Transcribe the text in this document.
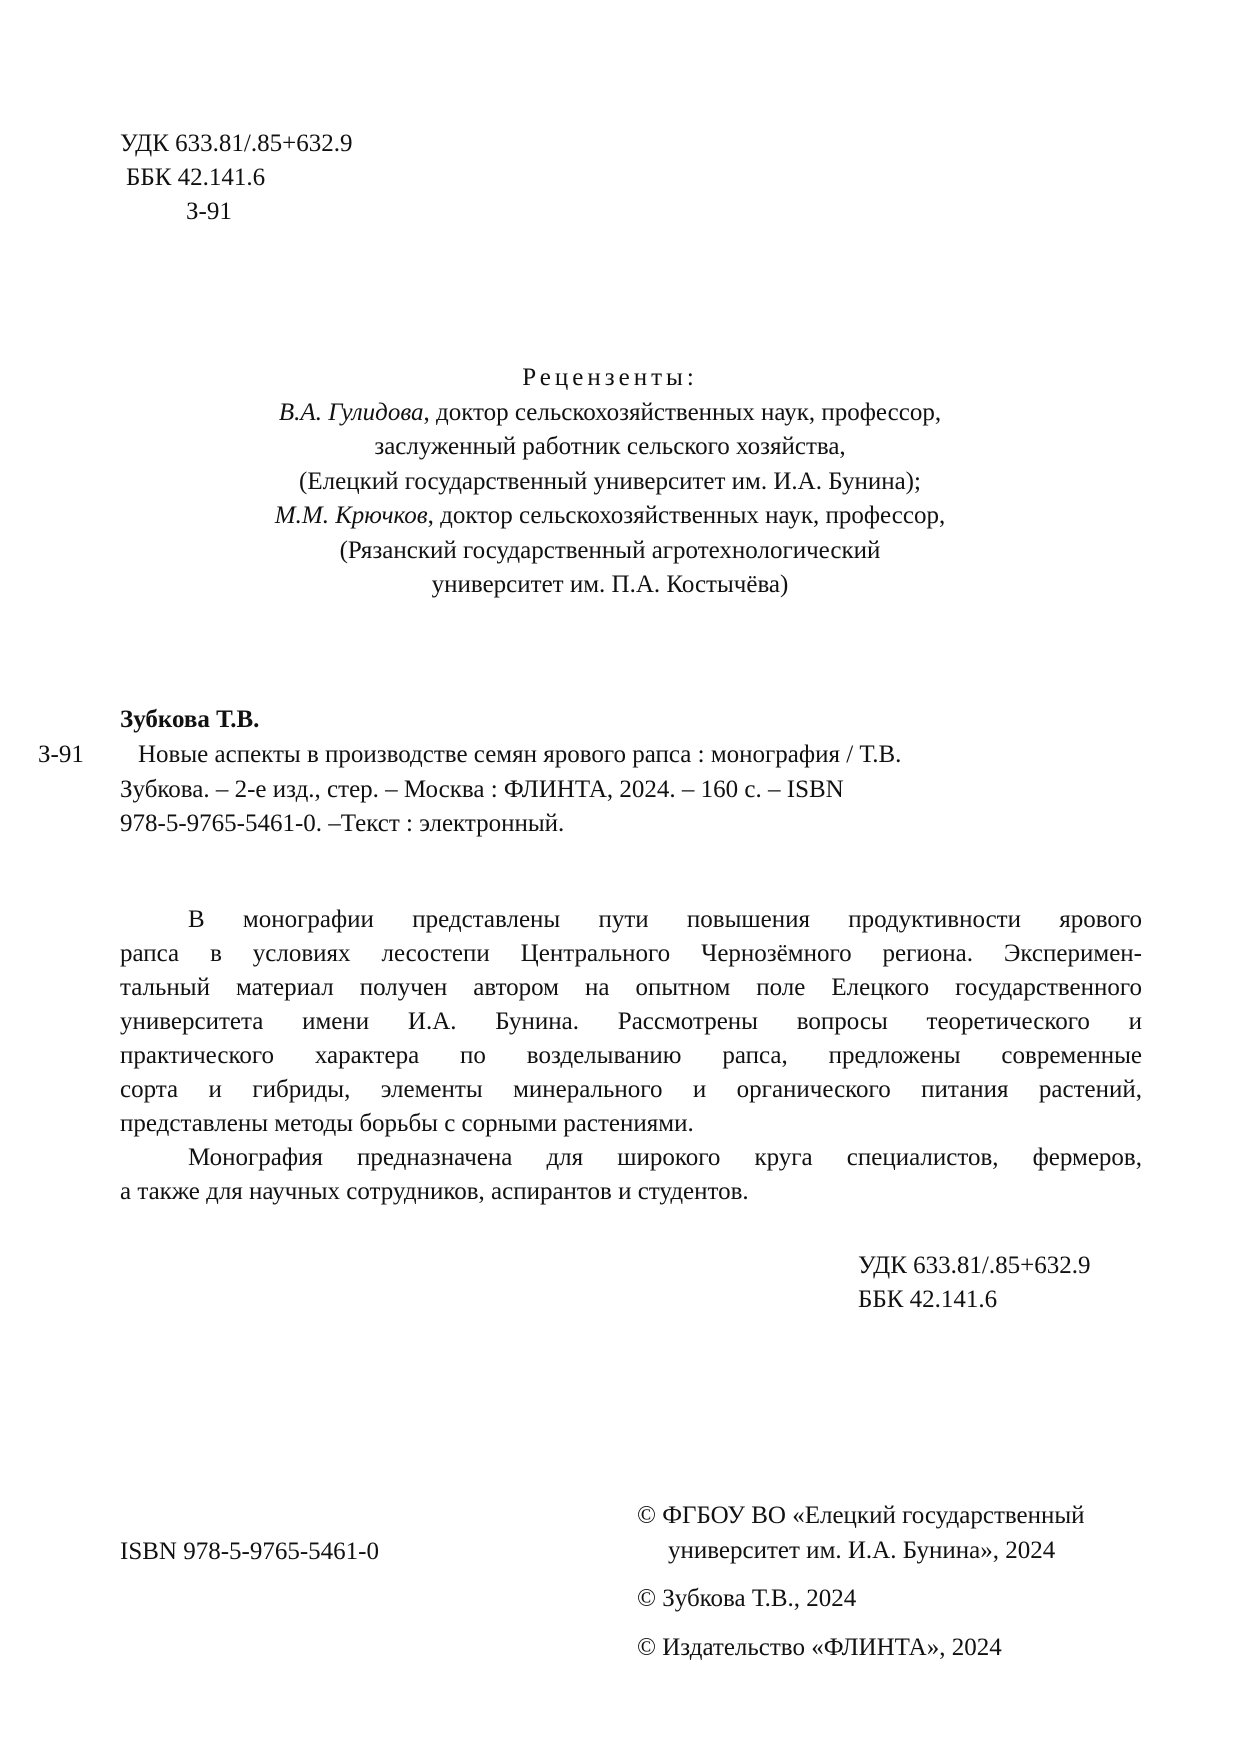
УДК 633.81/.85+632.9
ББК 42.141.6
З-91
Рецензенты:
В.А. Гулидова, доктор сельскохозяйственных наук, профессор,
заслуженный работник сельского хозяйства,
(Елецкий государственный университет им. И.А. Бунина);
М.М. Крючков, доктор сельскохозяйственных наук, профессор,
(Рязанский государственный агротехнологический
университет им. П.А. Костычёва)
Зубкова Т.В.
З-91	Новые аспекты в производстве семян ярового рапса : монография / Т.В.
Зубкова. – 2-е изд., стер. – Москва : ФЛИНТА, 2024. – 160 с. – ISBN
978-5-9765-5461-0. –Текст : электронный.
В монографии представлены пути повышения продуктивности ярового
рапса в условиях лесостепи Центрального Чернозёмного региона. Эксперимен-
тальный материал получен автором на опытном поле Елецкого государственного
университета имени И.А. Бунина. Рассмотрены вопросы теоретического и
практического характера по возделыванию рапса, предложены современные
сорта и гибриды, элементы минерального и органического питания растений,
представлены методы борьбы с сорными растениями.
Монография предназначена для широкого круга специалистов, фермеров,
а также для научных сотрудников, аспирантов и студентов.
УДК 633.81/.85+632.9
ББК 42.141.6
ISBN 978-5-9765-5461-0
© ФГБОУ ВО «Елецкий государственный
университет им. И.А. Бунина», 2024
© Зубкова Т.В., 2024
© Издательство «ФЛИНТА», 2024
